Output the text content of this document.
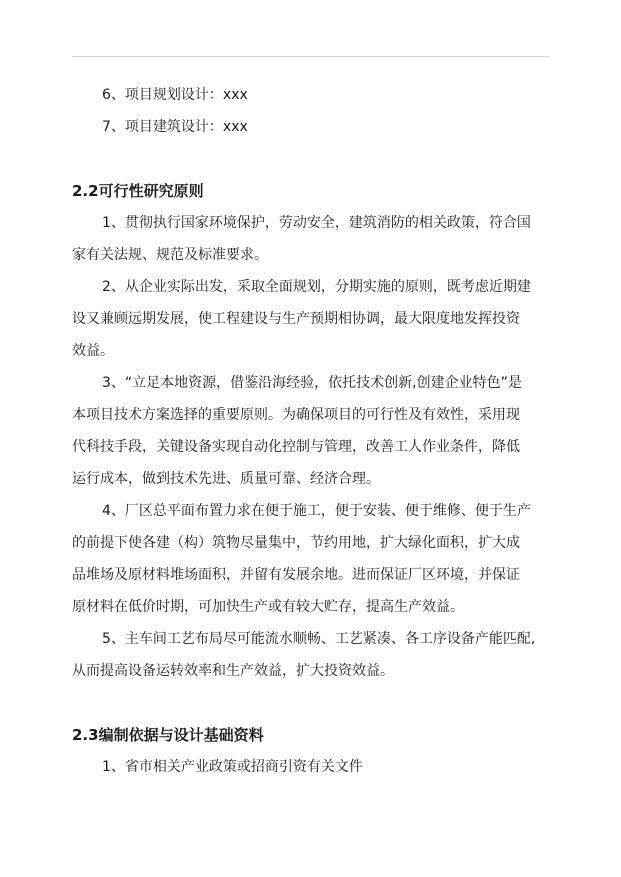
6、项目规划设计：xxx
7、项目建筑设计：xxx
2.2可行性研究原则
1、贯彻执行国家环境保护，劳动安全，建筑消防的相关政策，符合国
家有关法规、规范及标准要求。
2、从企业实际出发，采取全面规划，分期实施的原则，既考虑近期建
设又兼顾远期发展，使工程建设与生产预期相协调，最大限度地发挥投资
效益。
3、“立足本地资源，借鉴沿海经验，依托技术创新,创建企业特色”是
本项目技术方案选择的重要原则。为确保项目的可行性及有效性，采用现
代科技手段，关键设备实现自动化控制与管理，改善工人作业条件，降低
运行成本，做到技术先进、质量可靠、经济合理。
4、厂区总平面布置力求在便于施工，便于安装、便于维修、便于生产
的前提下使各建（构）筑物尽量集中，节约用地，扩大绿化面积，扩大成
品堆场及原材料堆场面积，并留有发展余地。进而保证厂区环境，并保证
原材料在低价时期，可加快生产或有较大贮存，提高生产效益。
5、主车间工艺布局尽可能流水顺畅、工艺紧凑、各工序设备产能匹配,
从而提高设备运转效率和生产效益，扩大投资效益。
2.3编制依据与设计基础资料
1、省市相关产业政策或招商引资有关文件
